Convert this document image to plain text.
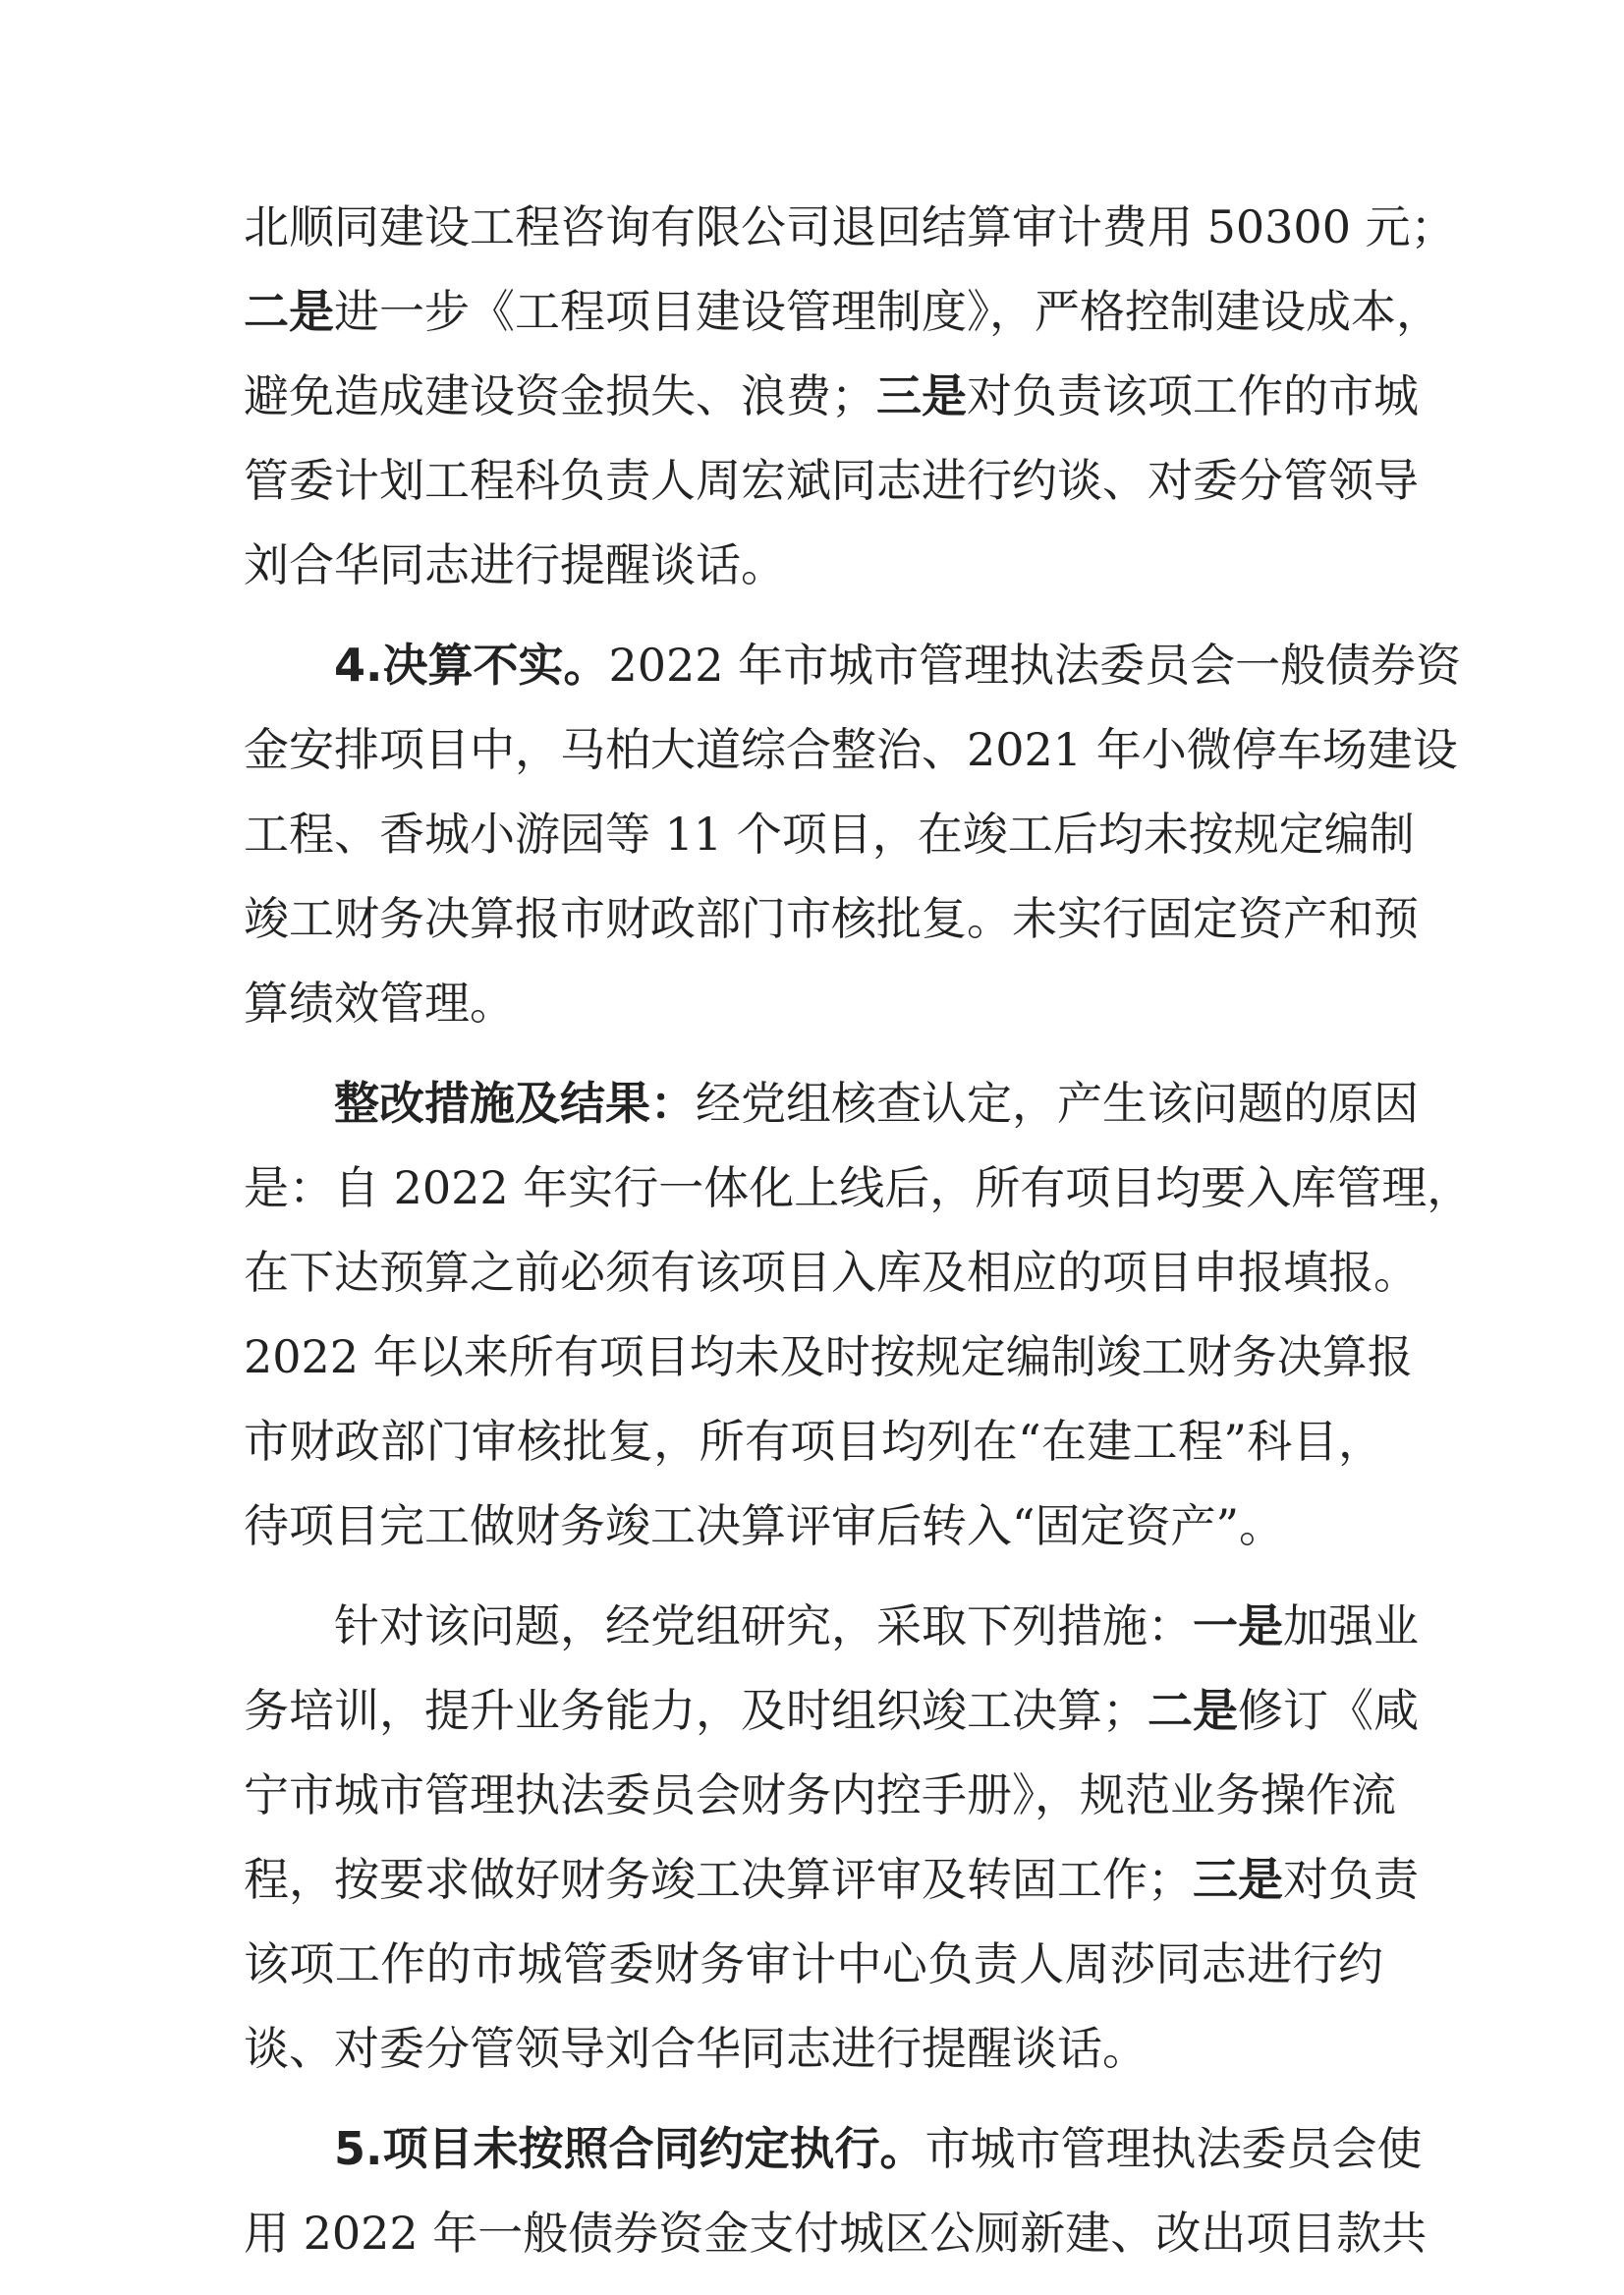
北顺同建设工程咨询有限公司退回结算审计费用 50300 元；
二是进一步《工程项目建设管理制度》，严格控制建设成本，
避免造成建设资金损失、浪费；三是对负责该项工作的市城
管委计划工程科负责人周宏斌同志进行约谈、对委分管领导
刘合华同志进行提醒谈话。
4.决算不实。2022 年市城市管理执法委员会一般债券资
金安排项目中，马柏大道综合整治、2021 年小微停车场建设
工程、香城小游园等 11 个项目，在竣工后均未按规定编制
竣工财务决算报市财政部门市核批复。未实行固定资产和预
算绩效管理。
整改措施及结果：经党组核查认定，产生该问题的原因
是：自 2022 年实行一体化上线后，所有项目均要入库管理，
在下达预算之前必须有该项目入库及相应的项目申报填报。
2022 年以来所有项目均未及时按规定编制竣工财务决算报
市财政部门审核批复，所有项目均列在“在建工程”科目，
待项目完工做财务竣工决算评审后转入“固定资产”。
针对该问题，经党组研究，采取下列措施：一是加强业
务培训，提升业务能力，及时组织竣工决算；二是修订《咸
宁市城市管理执法委员会财务内控手册》，规范业务操作流
程，按要求做好财务竣工决算评审及转固工作；三是对负责
该项工作的市城管委财务审计中心负责人周莎同志进行约
谈、对委分管领导刘合华同志进行提醒谈话。
5.项目未按照合同约定执行。市城市管理执法委员会使
用 2022 年一般债券资金支付城区公厕新建、改出项目款共
